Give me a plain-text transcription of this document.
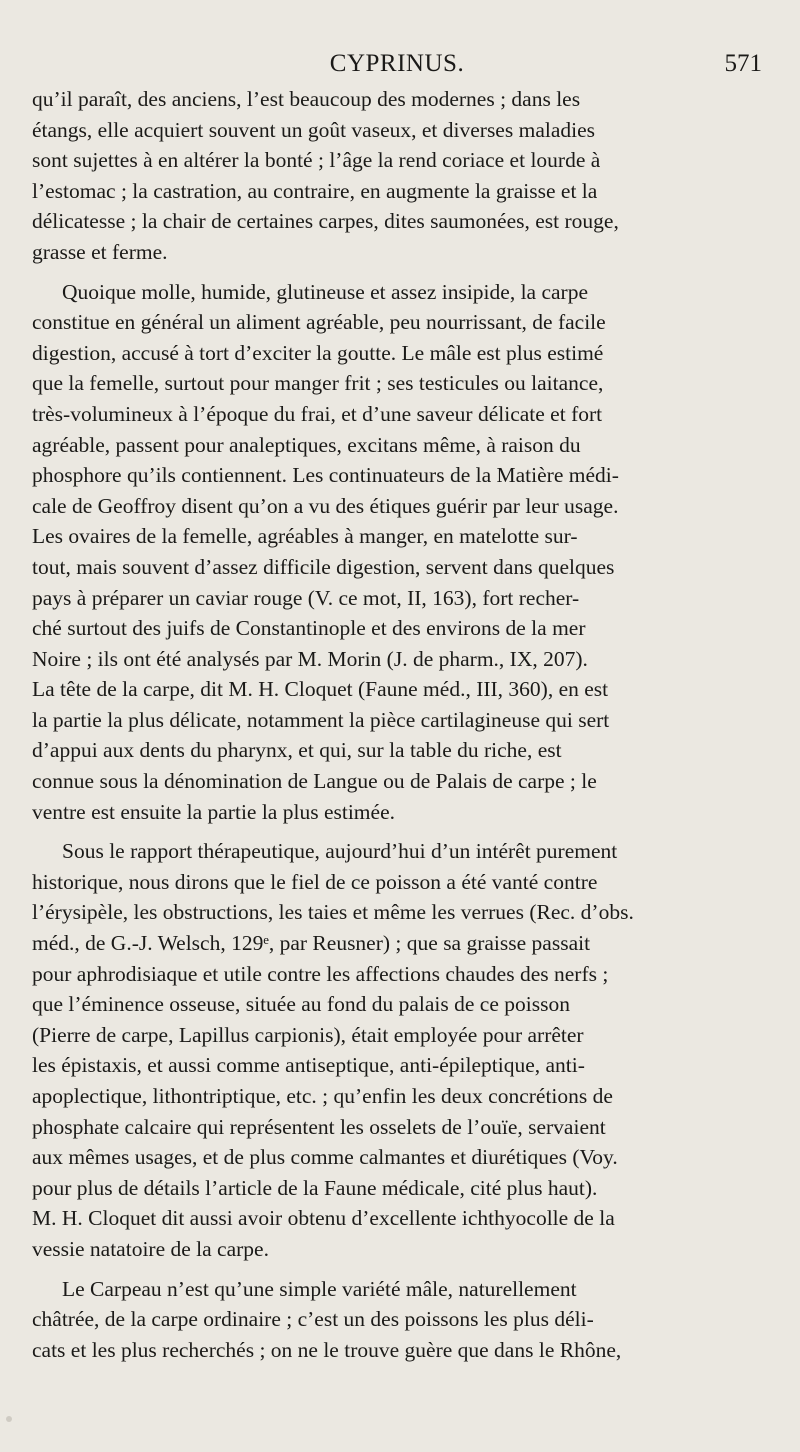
CYPRINUS.	571

qu’il paraît, des anciens, l’est beaucoup des modernes ; dans les
étangs, elle acquiert souvent un goût vaseux, et diverses maladies
sont sujettes à en altérer la bonté ; l’âge la rend coriace et lourde à
l’estomac ; la castration, au contraire, en augmente la graisse et la
délicatesse ; la chair de certaines carpes, dites saumonées, est rouge,
grasse et ferme.

Quoique molle, humide, glutineuse et assez insipide, la carpe
constitue en général un aliment agréable, peu nourrissant, de facile
digestion, accusé à tort d’exciter la goutte. Le mâle est plus estimé
que la femelle, surtout pour manger frit ; ses testicules ou laitance,
très-volumineux à l’époque du frai, et d’une saveur délicate et fort
agréable, passent pour analeptiques, excitans même, à raison du
phosphore qu’ils contiennent. Les continuateurs de la Matière médi-
cale de Geoffroy disent qu’on a vu des étiques guérir par leur usage.
Les ovaires de la femelle, agréables à manger, en matelotte sur-
tout, mais souvent d’assez difficile digestion, servent dans quelques
pays à préparer un caviar rouge (V. ce mot, II, 163), fort recher-
ché surtout des juifs de Constantinople et des environs de la mer
Noire ; ils ont été analysés par M. Morin (J. de pharm., IX, 207).
La tête de la carpe, dit M. H. Cloquet (Faune méd., III, 360), en est
la partie la plus délicate, notamment la pièce cartilagineuse qui sert
d’appui aux dents du pharynx, et qui, sur la table du riche, est
connue sous la dénomination de Langue ou de Palais de carpe ; le
ventre est ensuite la partie la plus estimée.

Sous le rapport thérapeutique, aujourd’hui d’un intérêt purement
historique, nous dirons que le fiel de ce poisson a été vanté contre
l’érysipèle, les obstructions, les taies et même les verrues (Rec. d’obs.
méd., de G.-J. Welsch, 129ᵉ, par Reusner) ; que sa graisse passait
pour aphrodisiaque et utile contre les affections chaudes des nerfs ;
que l’éminence osseuse, située au fond du palais de ce poisson
(Pierre de carpe, Lapillus carpionis), était employée pour arrêter
les épistaxis, et aussi comme antiseptique, anti-épileptique, anti-
apoplectique, lithontriptique, etc. ; qu’enfin les deux concrétions de
phosphate calcaire qui représentent les osselets de l’ouïe, servaient
aux mêmes usages, et de plus comme calmantes et diurétiques (Voy.
pour plus de détails l’article de la Faune médicale, cité plus haut).
M. H. Cloquet dit aussi avoir obtenu d’excellente ichthyocolle de la
vessie natatoire de la carpe.

Le Carpeau n’est qu’une simple variété mâle, naturellement
châtrée, de la carpe ordinaire ; c’est un des poissons les plus déli-
cats et les plus recherchés ; on ne le trouve guère que dans le Rhône,
